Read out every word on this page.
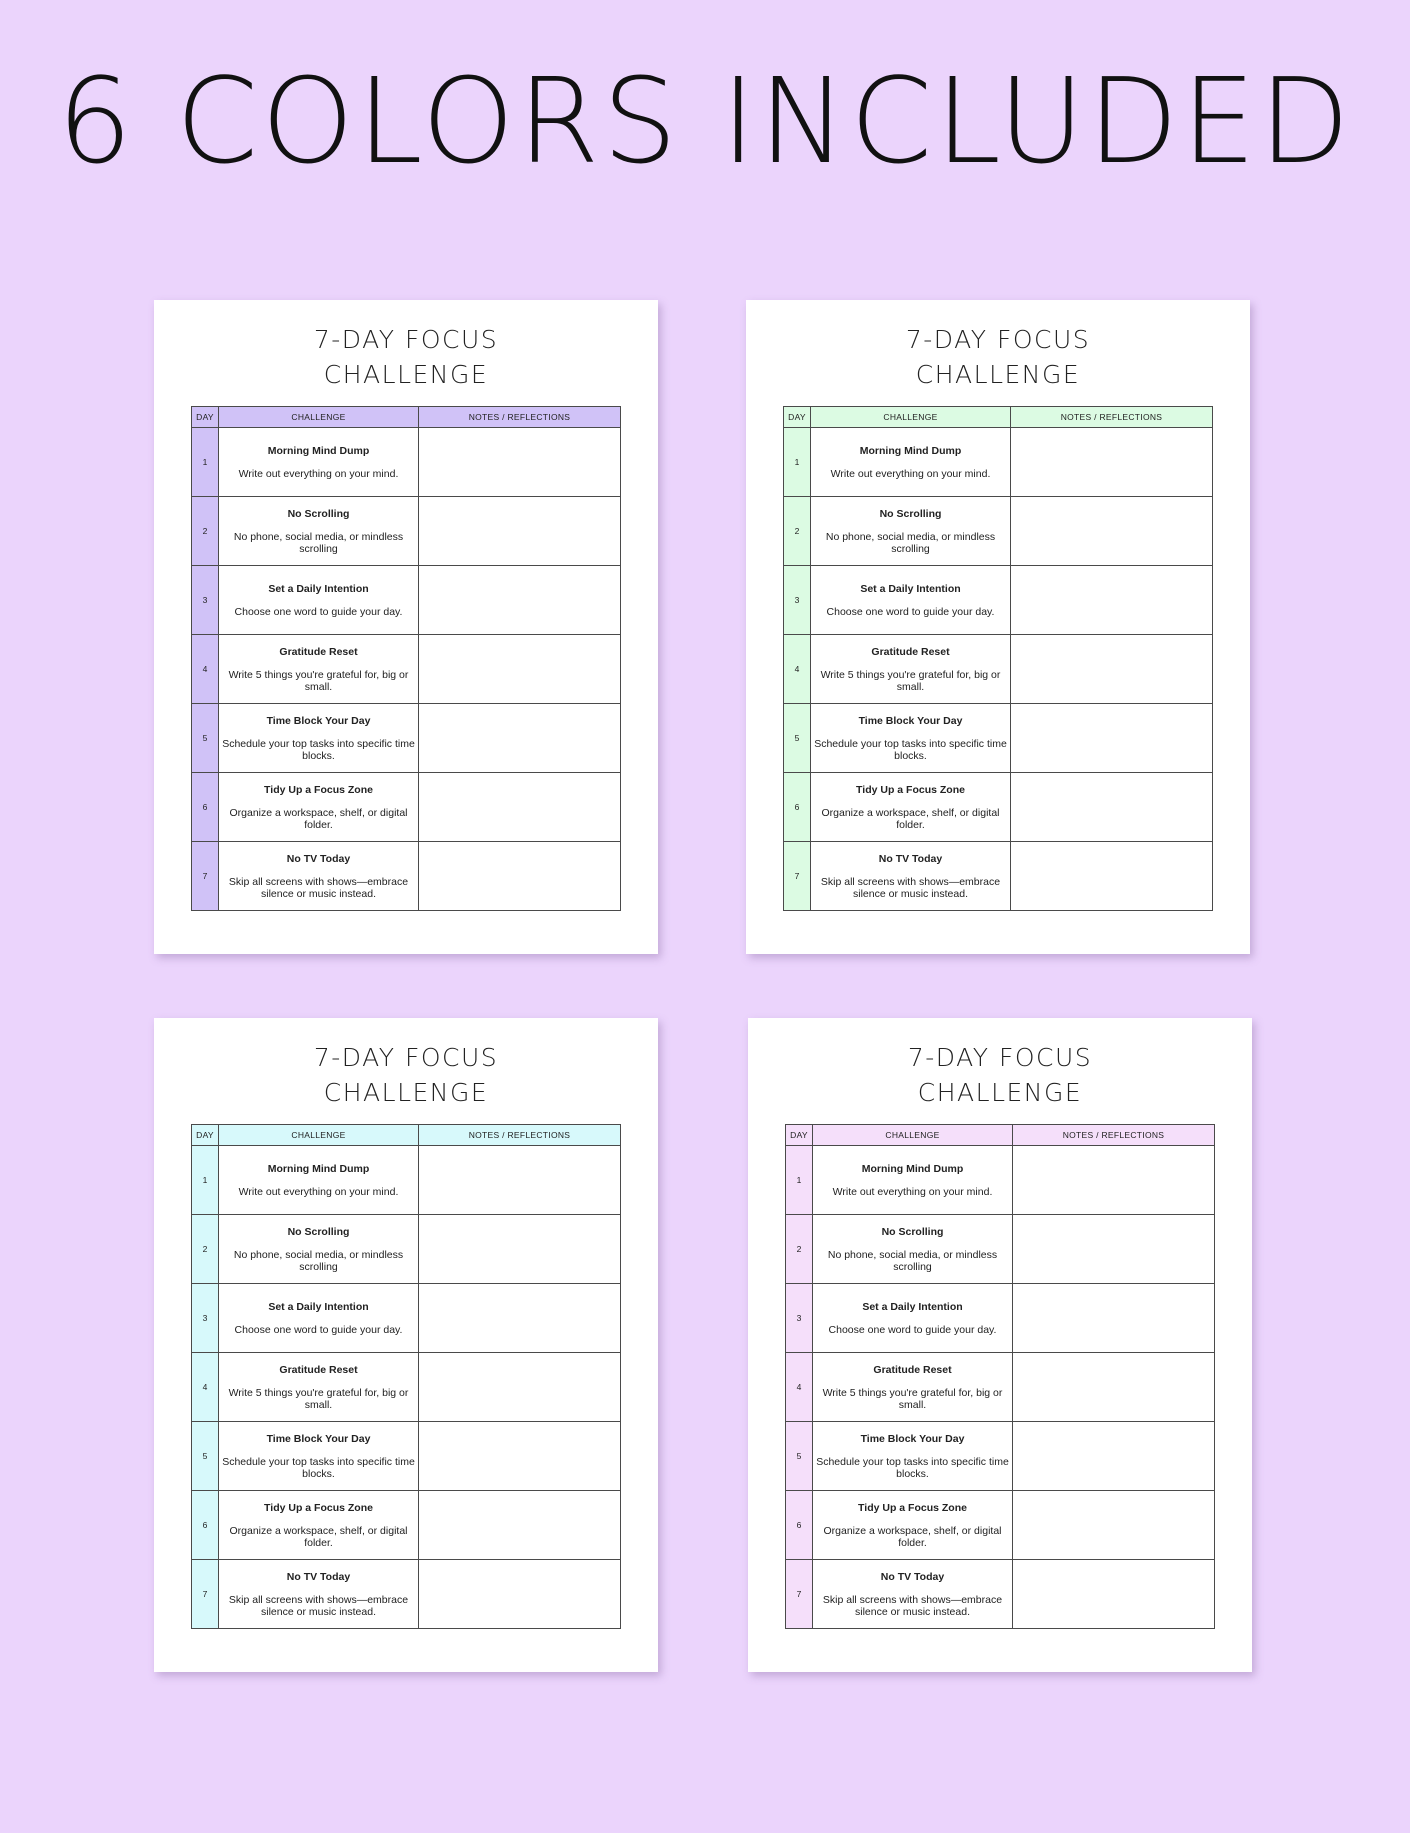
6 COLORS INCLUDED
7-DAY FOCUS
CHALLENGE
DAY	CHALLENGE	NOTES / REFLECTIONS
1	Morning Mind Dump
Write out everything on your mind.	

2	No Scrolling
No phone, social media, or mindless scrolling	

3	Set a Daily Intention
Choose one word to guide your day.	

4	Gratitude Reset
Write 5 things you're grateful for, big or small.	

5	Time Block Your Day
Schedule your top tasks into specific time blocks.	

6	Tidy Up a Focus Zone
Organize a workspace, shelf, or digital folder.	

7	No TV Today
Skip all screens with shows—embrace silence or music instead.	

7-DAY FOCUS
CHALLENGE
DAY	CHALLENGE	NOTES / REFLECTIONS
1	Morning Mind Dump
Write out everything on your mind.	

2	No Scrolling
No phone, social media, or mindless scrolling	

3	Set a Daily Intention
Choose one word to guide your day.	

4	Gratitude Reset
Write 5 things you're grateful for, big or small.	

5	Time Block Your Day
Schedule your top tasks into specific time blocks.	

6	Tidy Up a Focus Zone
Organize a workspace, shelf, or digital folder.	

7	No TV Today
Skip all screens with shows—embrace silence or music instead.	

7-DAY FOCUS
CHALLENGE
DAY	CHALLENGE	NOTES / REFLECTIONS
1	Morning Mind Dump
Write out everything on your mind.	

2	No Scrolling
No phone, social media, or mindless scrolling	

3	Set a Daily Intention
Choose one word to guide your day.	

4	Gratitude Reset
Write 5 things you're grateful for, big or small.	

5	Time Block Your Day
Schedule your top tasks into specific time blocks.	

6	Tidy Up a Focus Zone
Organize a workspace, shelf, or digital folder.	

7	No TV Today
Skip all screens with shows—embrace silence or music instead.	

7-DAY FOCUS
CHALLENGE
DAY	CHALLENGE	NOTES / REFLECTIONS
1	Morning Mind Dump
Write out everything on your mind.	

2	No Scrolling
No phone, social media, or mindless scrolling	

3	Set a Daily Intention
Choose one word to guide your day.	

4	Gratitude Reset
Write 5 things you're grateful for, big or small.	

5	Time Block Your Day
Schedule your top tasks into specific time blocks.	

6	Tidy Up a Focus Zone
Organize a workspace, shelf, or digital folder.	

7	No TV Today
Skip all screens with shows—embrace silence or music instead.	
